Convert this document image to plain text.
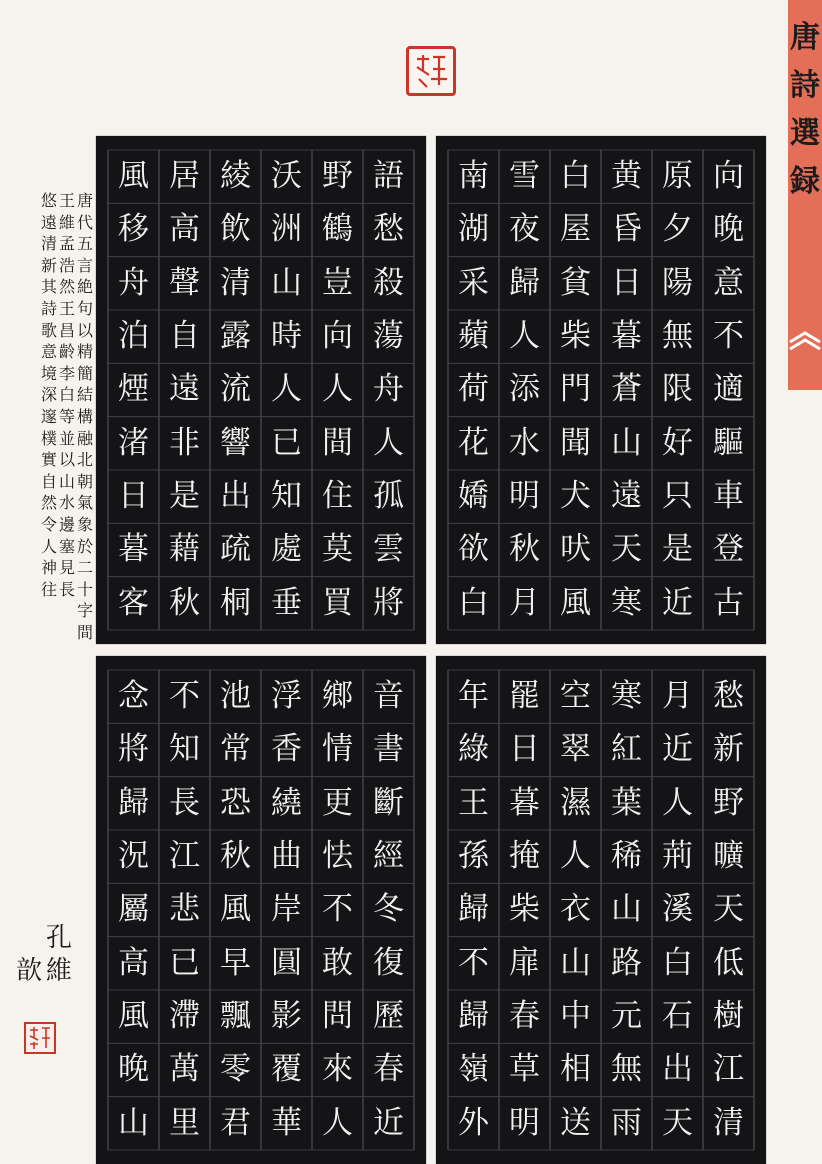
唐
詩
選
録
唐
代
五
言
絶
句
以
精
簡
結
構
融
北
朝
氣
象
於
二
十
字
間
王
維
孟
浩
然
王
昌
齡
李
白
等
並
以
山
水
邊
塞
見
長
悠
遠
清
新
其
詩
歌
意
境
深
邃
樸
實
自
然
令
人
神
往
孔
維
歆
語
愁
殺
蕩
舟
人
孤
雲
將
野
鶴
豈
向
人
間
住
莫
買
沃
洲
山
時
人
已
知
處
垂
綾
飲
清
露
流
響
出
疏
桐
居
高
聲
自
遠
非
是
藉
秋
風
移
舟
泊
煙
渚
日
暮
客
向
晚
意
不
適
驅
車
登
古
原
夕
陽
無
限
好
只
是
近
黄
昏
日
暮
蒼
山
遠
天
寒
白
屋
貧
柴
門
聞
犬
吠
風
雪
夜
歸
人
添
水
明
秋
月
南
湖
采
蘋
荷
花
嬌
欲
白
音
書
斷
經
冬
復
歷
春
近
鄉
情
更
怯
不
敢
問
來
人
浮
香
繞
曲
岸
圓
影
覆
華
池
常
恐
秋
風
早
飄
零
君
不
知
長
江
悲
已
滯
萬
里
念
將
歸
況
屬
高
風
晚
山
愁
新
野
曠
天
低
樹
江
清
月
近
人
荊
溪
白
石
出
天
寒
紅
葉
稀
山
路
元
無
雨
空
翠
濕
人
衣
山
中
相
送
罷
日
暮
掩
柴
扉
春
草
明
年
綠
王
孫
歸
不
歸
嶺
外
